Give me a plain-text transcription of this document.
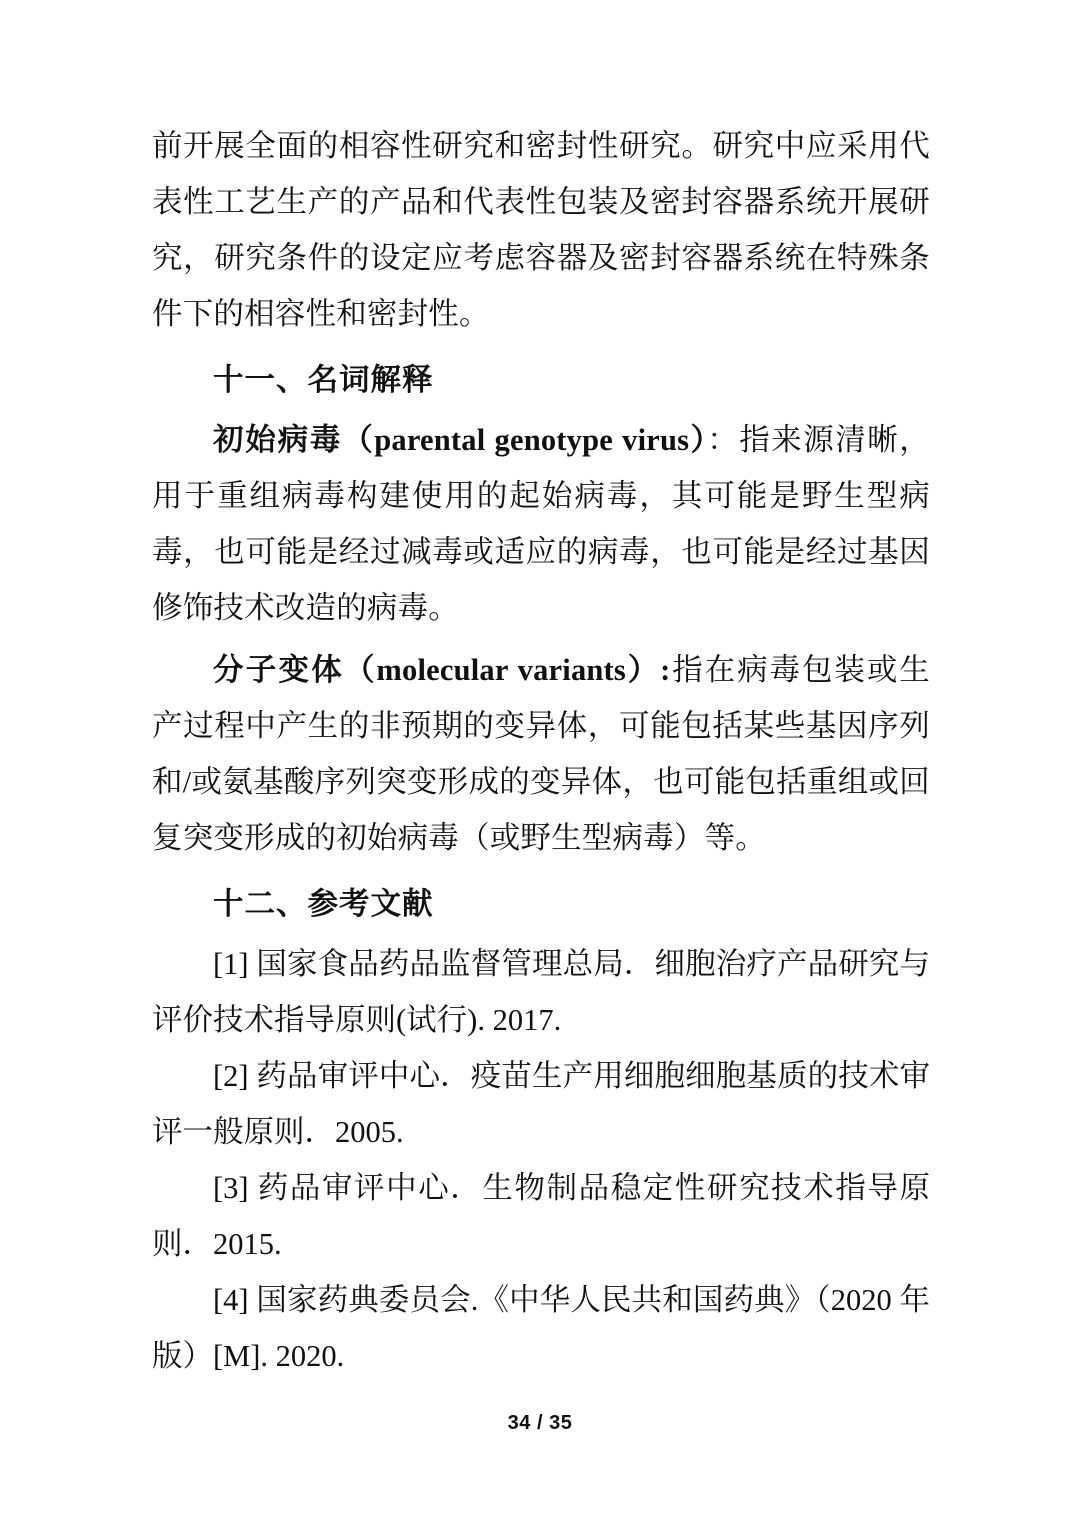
前开展全面的相容性研究和密封性研究。研究中应采用代表性工艺生产的产品和代表性包装及密封容器系统开展研究，研究条件的设定应考虑容器及密封容器系统在特殊条件下的相容性和密封性。

十一、名词解释

初始病毒（parental genotype virus）：指来源清晰，用于重组病毒构建使用的起始病毒，其可能是野生型病毒，也可能是经过减毒或适应的病毒，也可能是经过基因修饰技术改造的病毒。

分子变体（molecular variants）:指在病毒包装或生产过程中产生的非预期的变异体，可能包括某些基因序列和/或氨基酸序列突变形成的变异体，也可能包括重组或回复突变形成的初始病毒（或野生型病毒）等。

十二、参考文献

[1] 国家食品药品监督管理总局．细胞治疗产品研究与评价技术指导原则(试行). 2017.

[2] 药品审评中心．疫苗生产用细胞细胞基质的技术审评一般原则．2005.

[3] 药品审评中心．生物制品稳定性研究技术指导原则．2015.

[4] 国家药典委员会.《中华人民共和国药典》（2020 年版）[M]. 2020.

34 / 35
